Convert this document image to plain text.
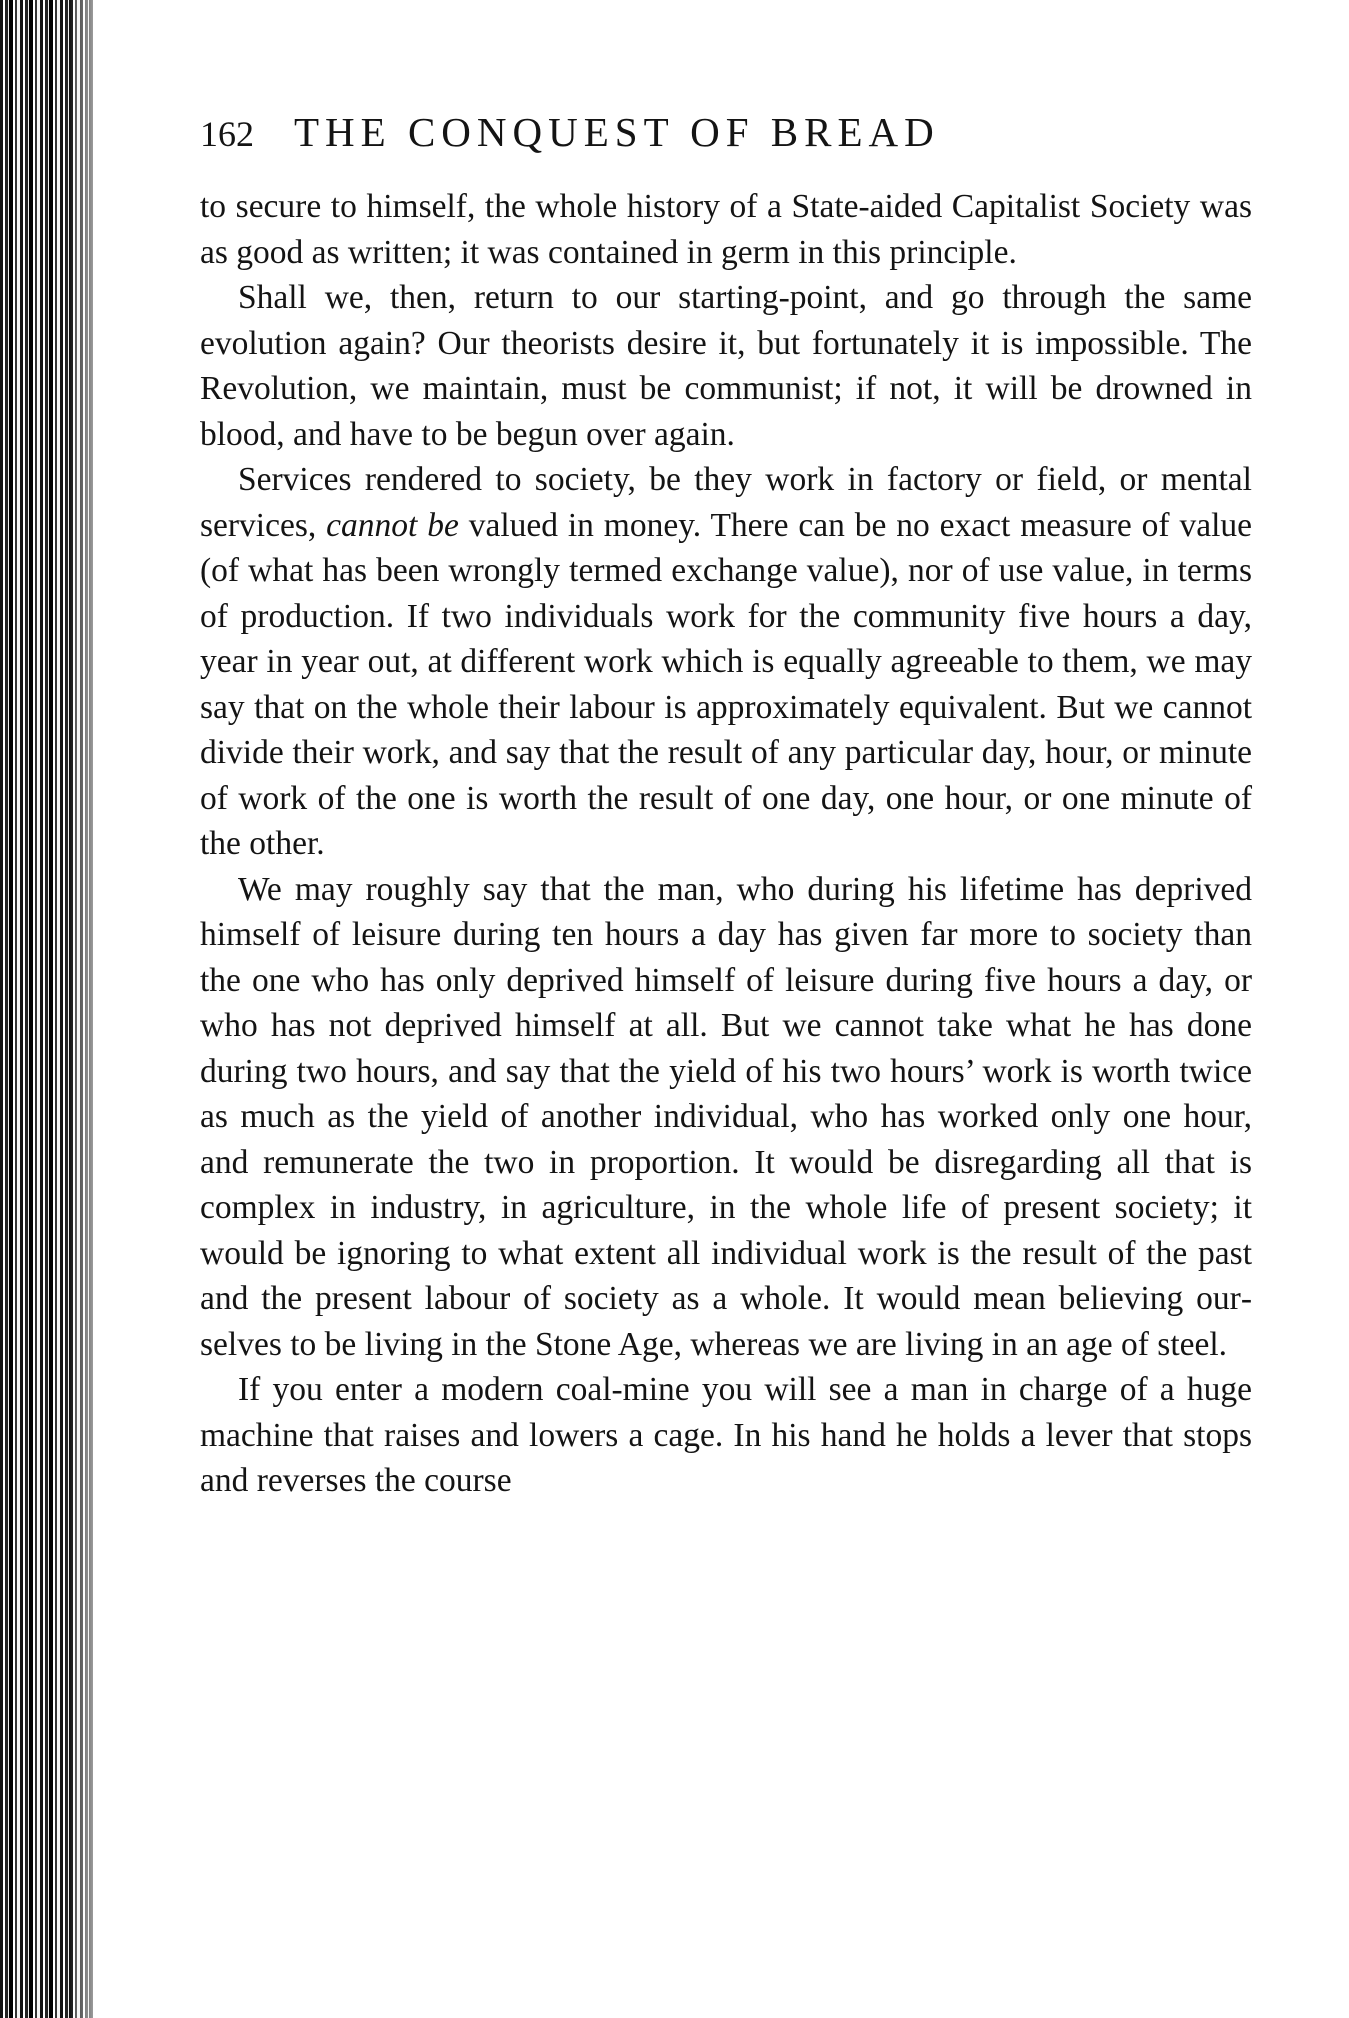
162 THE CONQUEST OF BREAD

to secure to himself, the whole history of a State-aided Capitalist Society was as good as written; it was contained in germ in this principle.

Shall we, then, return to our starting-point, and go through the same evolution again? Our theorists desire it, but fortunately it is impossible. The Revolution, we maintain, must be communist; if not, it will be drowned in blood, and have to be begun over again.

Services rendered to society, be they work in factory or field, or mental services, cannot be valued in money. There can be no exact measure of value (of what has been wrongly termed exchange value), nor of use value, in terms of production. If two individuals work for the community five hours a day, year in year out, at different work which is equally agreeable to them, we may say that on the whole their labour is approximately equivalent. But we cannot divide their work, and say that the result of any particular day, hour, or minute of work of the one is worth the result of one day, one hour, or one minute of the other.

We may roughly say that the man, who during his lifetime has deprived himself of leisure during ten hours a day has given far more to society than the one who has only deprived himself of leisure during five hours a day, or who has not deprived himself at all. But we cannot take what he has done during two hours, and say that the yield of his two hours’ work is worth twice as much as the yield of another individual, who has worked only one hour, and remunerate the two in proportion. It would be disregarding all that is complex in industry, in agriculture, in the whole life of present society; it would be ignoring to what extent all individual work is the result of the past and the present labour of society as a whole. It would mean believing ourselves to be living in the Stone Age, whereas we are living in an age of steel.

If you enter a modern coal-mine you will see a man in charge of a huge machine that raises and lowers a cage. In his hand he holds a lever that stops and reverses the course
